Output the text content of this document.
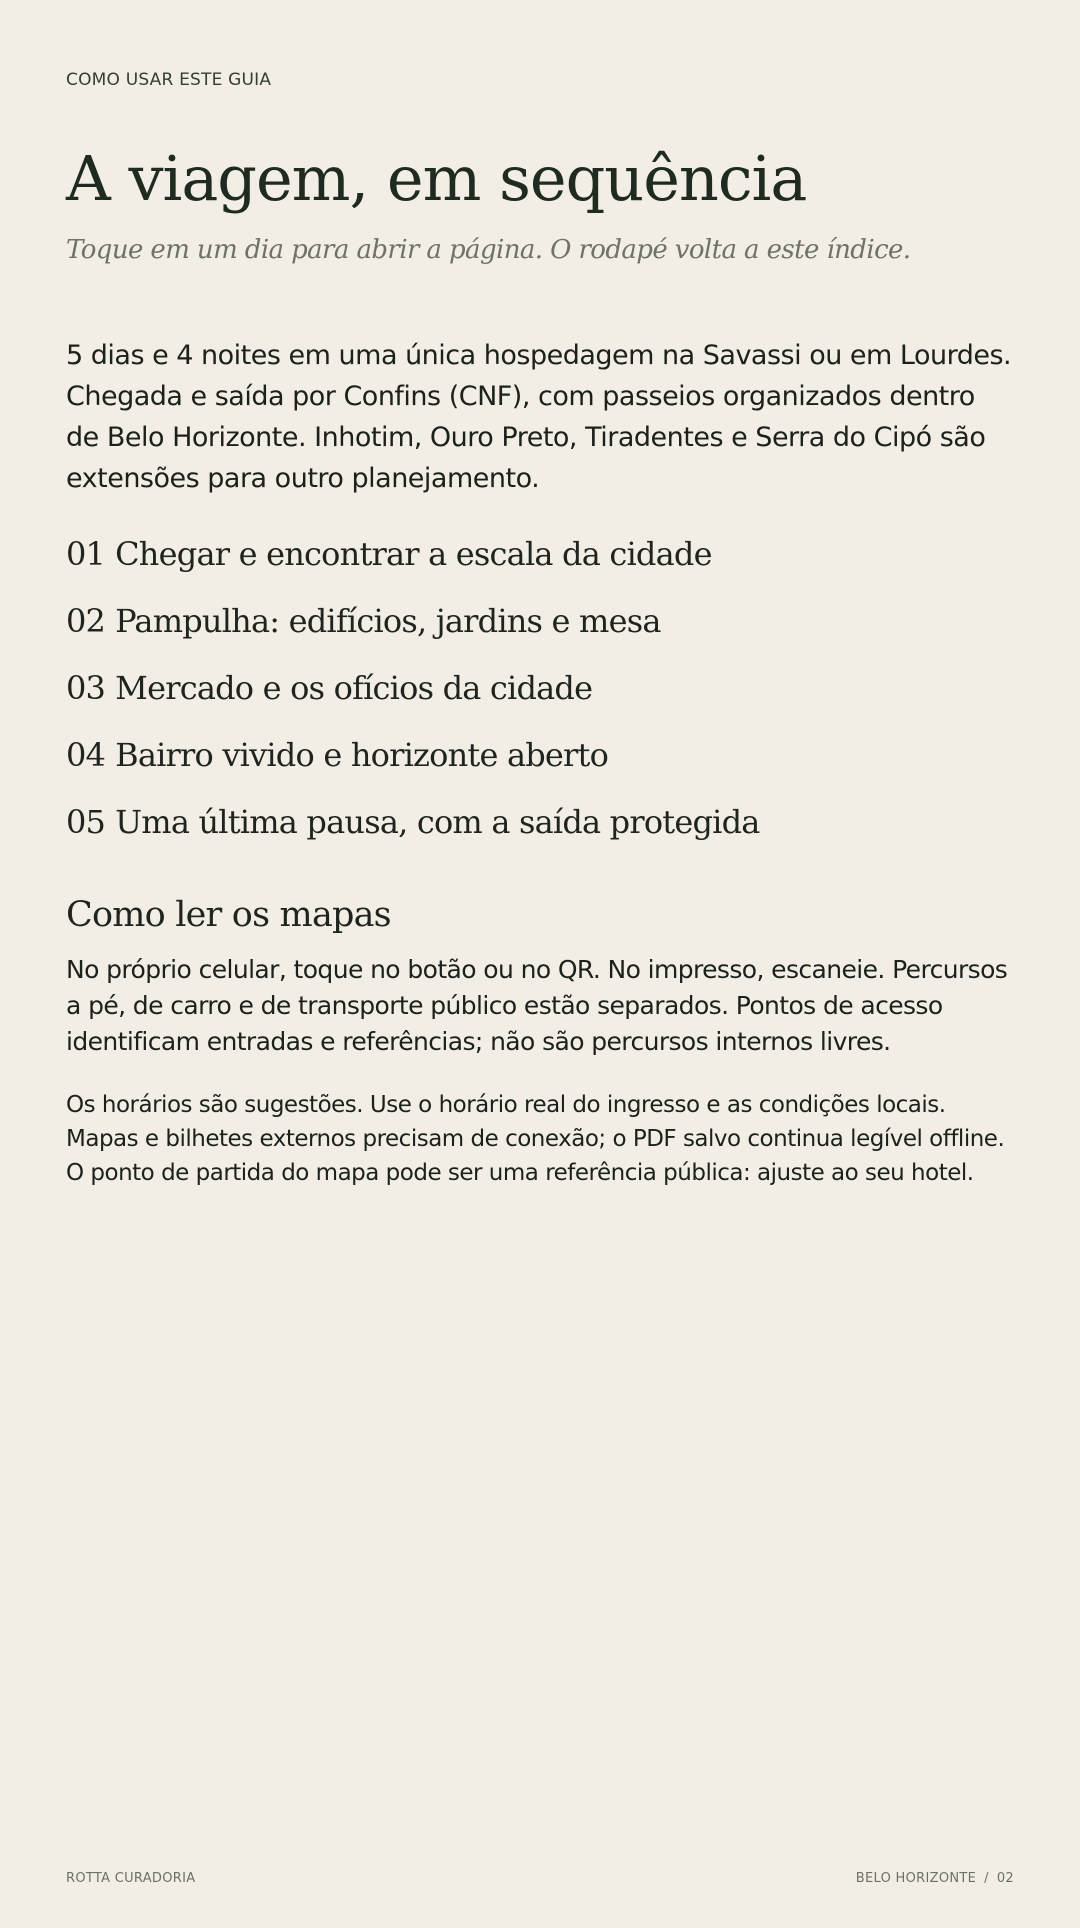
COMO USAR ESTE GUIA
A viagem, em sequência
Toque em um dia para abrir a página. O rodapé volta a este índice.

5 dias e 4 noites em uma única hospedagem na Savassi ou em Lourdes. Chegada e saída por Confins (CNF), com passeios organizados dentro de Belo Horizonte. Inhotim, Ouro Preto, Tiradentes e Serra do Cipó são extensões para outro planejamento.

01 Chegar e encontrar a escala da cidade
02 Pampulha: edifícios, jardins e mesa
03 Mercado e os ofícios da cidade
04 Bairro vivido e horizonte aberto
05 Uma última pausa, com a saída protegida
Como ler os mapas

No próprio celular, toque no botão ou no QR. No impresso, escaneie. Percursos a pé, de carro e de transporte público estão separados. Pontos de acesso identificam entradas e referências; não são percursos internos livres.

Os horários são sugestões. Use o horário real do ingresso e as condições locais. Mapas e bilhetes externos precisam de conexão; o PDF salvo continua legível offline. O ponto de partida do mapa pode ser uma referência pública: ajuste ao seu hotel.

ROTTA CURADORIA	BELO HORIZONTE / 02
